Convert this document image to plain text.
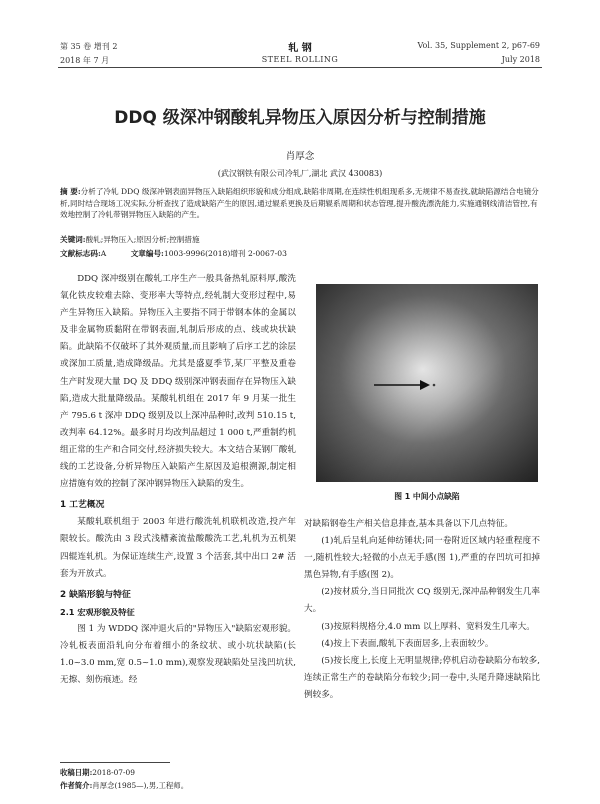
第 35 卷 增刊 2
2018 年 7 月
轧 钢
STEEL ROLLING
Vol. 35, Supplement 2, p67-69
July 2018
DDQ 级深冲钢酸轧异物压入原因分析与控制措施
肖厚念
(武汉钢铁有限公司冷轧厂,湖北 武汉 430083)
摘 要:分析了冷轧 DDQ 级深冲钢表面异物压入缺陷组织形貌和成分组成,缺陷非周期,在连续性机组现系多,无规律不易查找,就缺陷源结合电镜分析,同时结合现场工况实际,分析查找了造成缺陷产生的原因,通过辊系更换及后期辊系周期和状态管理,提升酸洗漂洗能力,实施通钢线清洁管控,有效地控制了冷轧带钢异物压入缺陷的产生。
关键词:酸轧;异物压入;原因分析;控制措施
文献标志码:A	文章编号:1003-9996(2018)增刊 2-0067-03

DDQ 深冲级别在酸轧工序生产一般具备热轧原料厚,酸洗氧化铁皮较难去除、变形率大等特点,经轧制大变形过程中,易产生异物压入缺陷。异物压入主要指不同于带钢本体的金属以及非金属物质黏附在带钢表面,轧制后形成的点、线或块状缺陷。此缺陷不仅破坏了其外观质量,而且影响了后序工艺的涂层或深加工质量,造成降级品。尤其是盛夏季节,某厂平整及重卷生产时发现大量 DQ 及 DDQ 级别深冲钢表面存在异物压入缺陷,造成大批量降级品。某酸轧机组在 2017 年 9 月某一批生产 795.6 t 深冲 DDQ 级别及以上深冲品种时,改判 510.15 t,改判率 64.12%。最多时月均改判品超过 1 000 t,严重制约机组正常的生产和合同交付,经济损失较大。本文结合某钢厂酸轧线的工艺设备,分析异物压入缺陷产生原因及追根溯源,制定相应措施有效的控制了深冲钢异物压入缺陷的发生。

1 工艺概况

某酸轧联机组于 2003 年进行酸洗轧机联机改造,投产年限较长。酸洗由 3 段式浅槽紊流盐酸酸洗工艺,轧机为五机架四辊连轧机。为保证连续生产,设置 3 个活套,其中出口 2# 活套为开放式。

2 缺陷形貌与特征
2.1 宏观形貌及特征

图 1 为 WDDQ 深冲退火后的"异物压入"缺陷宏观形貌。冷轧板表面沿轧向分布着细小的条纹状、或小坑状缺陷(长 1.0~3.0 mm,宽 0.5~1.0 mm),观察发现缺陷处呈浅凹坑状,无擦、刻伤痕迹。经

图 1 中间小点缺陷
对缺陷钢卷生产相关信息排查,基本具备以下几点特征。

(1)轧后呈轧向延伸纺锤状;同一卷附近区域内轻重程度不一,随机性较大;轻微的小点无手感(图 1),严重的存凹坑可扣掉黑色异物,有手感(图 2)。

(2)按材质分,当日同批次 CQ 级别无,深冲品种钢发生几率大。

(3)按原料规格分,4.0 mm 以上厚料、宽料发生几率大。

(4)按上下表面,酸轧下表面居多,上表面较少。

(5)按长度上,长度上无明显规律;停机启动卷缺陷分布较多,连续正常生产的卷缺陷分布较少;同一卷中,头尾升降速缺陷比例较多。

收稿日期:2018-07-09
作者简介:肖厚念(1985—),男,工程师。
